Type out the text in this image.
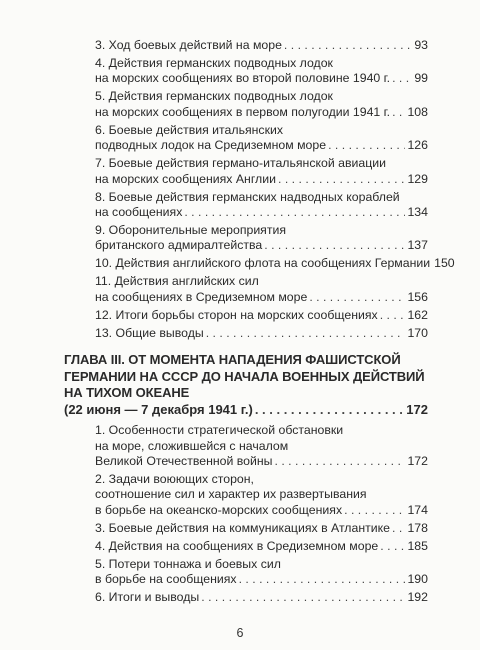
3. Ход боевых действий на море . . .	93
4. Действия германских подводных лодок
на морских сообщениях во второй половине 1940 г. . . . 99
5. Действия германских подводных лодок
на морских сообщениях в первом полугодии 1941 г. . . . 108
6. Боевые действия итальянских
подводных лодок на Средиземном море . . .	126
7. Боевые действия германо-итальянской авиации
на морских сообщениях Англии . . .	129
8. Боевые действия германских надводных кораблей
на сообщениях . . .	134
9. Оборонительные мероприятия
британского адмиралтейства . . .	137
10. Действия английского флота на сообщениях Германии 150
11. Действия английских сил
на сообщениях в Средиземном море . . .	156
12. Итоги борьбы сторон на морских сообщениях . . . 162
13. Общие выводы . . .	170
ГЛАВА III. ОТ МОМЕНТА НАПАДЕНИЯ ФАШИСТСКОЙ
ГЕРМАНИИ НА СССР ДО НАЧАЛА ВОЕННЫХ ДЕЙСТВИЙ
НА ТИХОМ ОКЕАНЕ
(22 июня — 7 декабря 1941 г.) . . .	172
1. Особенности стратегической обстановки
на море, сложившейся с началом
Великой Отечественной войны . . .	172
2. Задачи воюющих сторон,
соотношение сил и характер их развертывания
в борьбе на океанско-морских сообщениях . . .	174
3. Боевые действия на коммуникациях в Атлантике . . . 178
4. Действия на сообщениях в Средиземном море . . . 185
5. Потери тоннажа и боевых сил
в борьбе на сообщениях . . .	190
6. Итоги и выводы . . .	192
6
